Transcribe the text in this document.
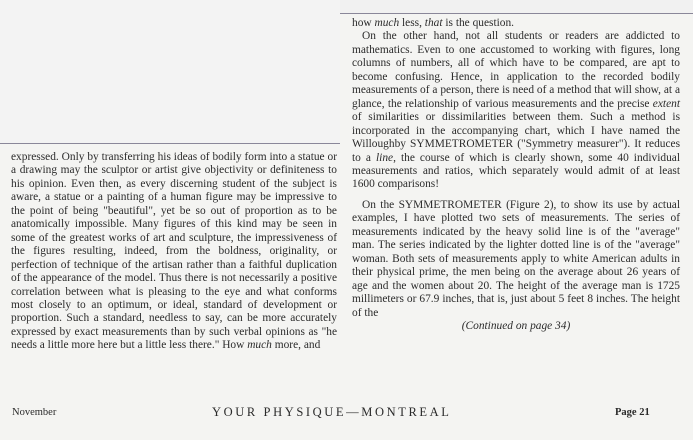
expressed. Only by transferring his ideas of bodily form into a statue or a drawing may the sculptor or artist give objectivity or definiteness to his opinion. Even then, as every discerning student of the subject is aware, a statue or a painting of a human figure may be impressive to the point of being "beautiful", yet be so out of proportion as to be anatomically impossible. Many figures of this kind may be seen in some of the greatest works of art and sculpture, the impressiveness of the figures resulting, indeed, from the boldness, originality, or perfection of technique of the artisan rather than a faithful duplication of the appearance of the model. Thus there is not necessarily a positive correlation between what is pleasing to the eye and what conforms most closely to an optimum, or ideal, standard of development or proportion. Such a standard, needless to say, can be more accurately expressed by exact measurements than by such verbal opinions as "he needs a little more here but a little less there." How much more, and

how much less, that is the question.

On the other hand, not all students or readers are addicted to mathematics. Even to one accustomed to working with figures, long columns of numbers, all of which have to be compared, are apt to become confusing. Hence, in application to the recorded bodily measurements of a person, there is need of a method that will show, at a glance, the relationship of various measurements and the precise extent of similarities or dissimilarities between them. Such a method is incorporated in the accompanying chart, which I have named the Willoughby SYMMETROMETER ("Symmetry measurer"). It reduces to a line, the course of which is clearly shown, some 40 individual measurements and ratios, which separately would admit of at least 1600 comparisons!

On the SYMMETROMETER (Figure 2), to show its use by actual examples, I have plotted two sets of measurements. The series of measurements indicated by the heavy solid line is of the "average" man. The series indicated by the lighter dotted line is of the "average" woman. Both sets of measurements apply to white American adults in their physical prime, the men being on the average about 26 years of age and the women about 20. The height of the average man is 1725 millimeters or 67.9 inches, that is, just about 5 feet 8 inches. The height of the

(Continued on page 34)

November	YOUR PHYSIQUE—MONTREAL	Page 21
